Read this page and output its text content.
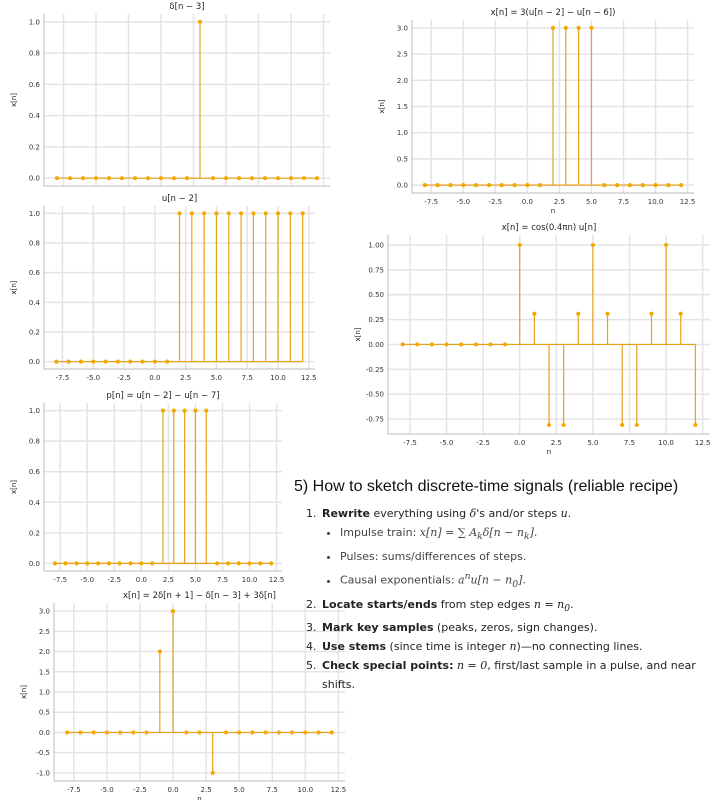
0.0
0.2
0.4
0.6
0.8
1.0
δ[n − 3]
x[n]
-7.5 -5.0 -2.5	0.0	2.5	5.0	7.5 10.0 12.5
0.0
0.2
0.4
0.6
0.8
1.0
u[n − 2]
x[n]
-7.5 -5.0 -2.5 0.0 2.5 5.0 7.5 10.0 12.5
0.0
0.2
0.4
0.6
0.8
1.0
p[n] = u[n − 2] − u[n − 7]
x[n]
-7.5	-5.0	-2.5	0.0	2.5	5.0	7.5	10.0 12.5
-1.0
-0.5
0.0
0.5
1.0
1.5
2.0
2.5
3.0
x[n] = 2δ[n + 1] − δ[n − 3] + 3δ[n]
x[n]
n
-7.5	-5.0	-2.5	0.0	2.5	5.0	7.5	10.0 12.5
0.0
0.5
1.0
1.5
2.0
2.5
3.0
x[n] = 3(u[n − 2] − u[n − 6])
x[n]
n
-7.5	-5.0	-2.5	0.0	2.5	5.0	7.5	10.0	12.5
-0.75
-0.50
-0.25
0.00
0.25
0.50
0.75
1.00
x[n] = cos(0.4πn) u[n]
x[n]
n
5) How to sketch discrete-time signals (reliable recipe)
1. Rewrite everything using δ's and/or steps u.
• Impulse train: x[n] = ∑ $A_k\delta[n - n_k]$.
• Pulses: sums/differences of steps.
• Causal exponentials: $a^nu[n - n_0]$.
2. Locate starts/ends from step edges $n = n_0$.
3. Mark key samples (peaks, zeros, sign changes).
4. Use stems (since time is integer n)—no connecting lines.
5. Check special points: n = 0, first/last sample in a pulse, and near shifts.
